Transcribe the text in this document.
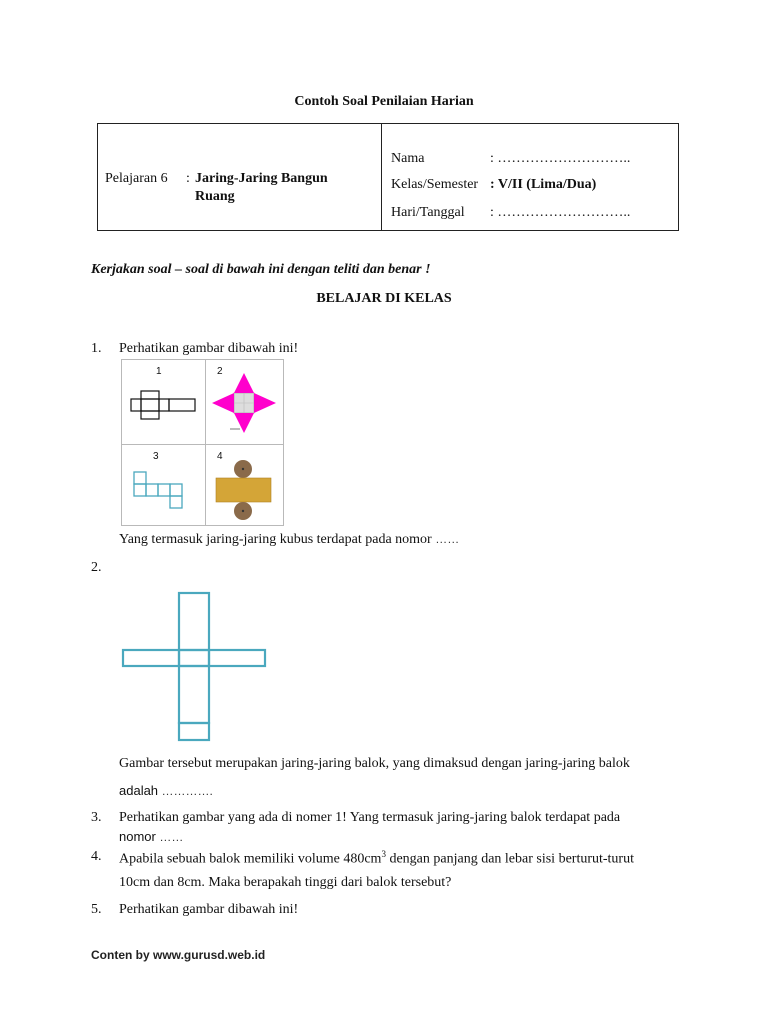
Contoh Soal Penilaian Harian
Pelajaran 6 : Jaring-Jaring Bangun
Ruang
Nama	: ………………………..
Kelas/Semester : V/II (Lima/Dua)
Hari/Tanggal : ………………………..
Kerjakan soal – soal di bawah ini dengan teliti dan benar !
BELAJAR DI KELAS
1. Perhatikan gambar dibawah ini!
1	2
3	4
Yang termasuk jaring-jaring kubus terdapat pada nomor ……
2.
Gambar tersebut merupakan jaring-jaring balok, yang dimaksud dengan jaring-jaring balok
adalah ………….
3. Perhatikan gambar yang ada di nomer 1! Yang termasuk jaring-jaring balok terdapat pada
nomor ……
4. Apabila sebuah balok memiliki volume $480cm^3$ dengan panjang dan lebar sisi berturut-turut
10cm dan 8cm. Maka berapakah tinggi dari balok tersebut?
5. Perhatikan gambar dibawah ini!
Conten by www.gurusd.web.id
